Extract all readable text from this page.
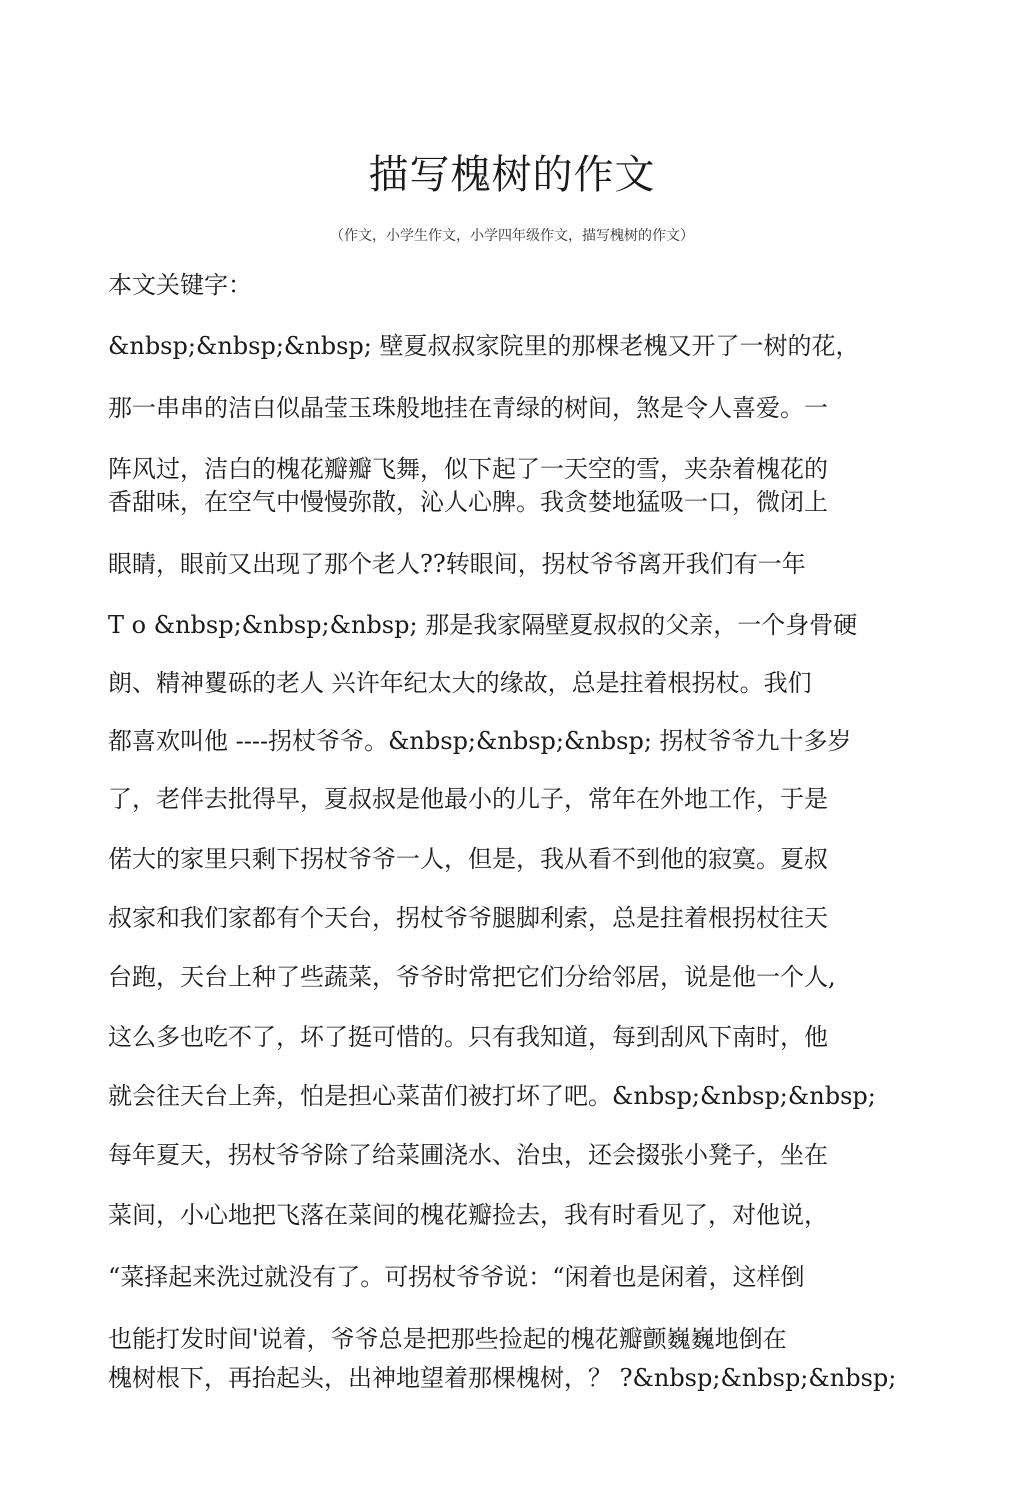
描写槐树的作文
（作文，小学生作文，小学四年级作文，描写槐树的作文）
本文关键字：
&nbsp;&nbsp;&nbsp; 壁夏叔叔家院里的那棵老槐又开了一树的花，
那一串串的洁白似晶莹玉珠般地挂在青绿的树间，煞是令人喜爱。一
阵风过，洁白的槐花瓣瓣飞舞，似下起了一天空的雪，夹杂着槐花的
香甜味，在空气中慢慢弥散，沁人心脾。我贪婪地猛吸一口，微闭上
眼睛，眼前又出现了那个老人??转眼间，拐杖爷爷离开我们有一年
T o &nbsp;&nbsp;&nbsp; 那是我家隔壁夏叔叔的父亲，一个身骨硬
朗、精神矍砾的老人 兴许年纪太大的缘故，总是拄着根拐杖。我们
都喜欢叫他 ----拐杖爷爷。&nbsp;&nbsp;&nbsp; 拐杖爷爷九十多岁
了，老伴去批得早，夏叔叔是他最小的儿子，常年在外地工作，于是
偌大的家里只剩下拐杖爷爷一人，但是，我从看不到他的寂寞。夏叔
叔家和我们家都有个天台，拐杖爷爷腿脚利索，总是拄着根拐杖往天
台跑，天台上种了些蔬菜，爷爷时常把它们分给邻居，说是他一个人,
这么多也吃不了，坏了挺可惜的。只有我知道，每到刮风下南时，他
就会往天台上奔，怕是担心菜苗们被打坏了吧。&nbsp;&nbsp;&nbsp;
每年夏天，拐杖爷爷除了给菜圃浇水、治虫，还会掇张小凳子，坐在
菜间，小心地把飞落在菜间的槐花瓣捡去，我有时看见了，对他说，
“菜择起来洗过就没有了。可拐杖爷爷说：“闲着也是闲着，这样倒
也能打发时间'说着，爷爷总是把那些捡起的槐花瓣颤巍巍地倒在
槐树根下，再抬起头，出神地望着那棵槐树，？ ?&nbsp;&nbsp;&nbsp;
